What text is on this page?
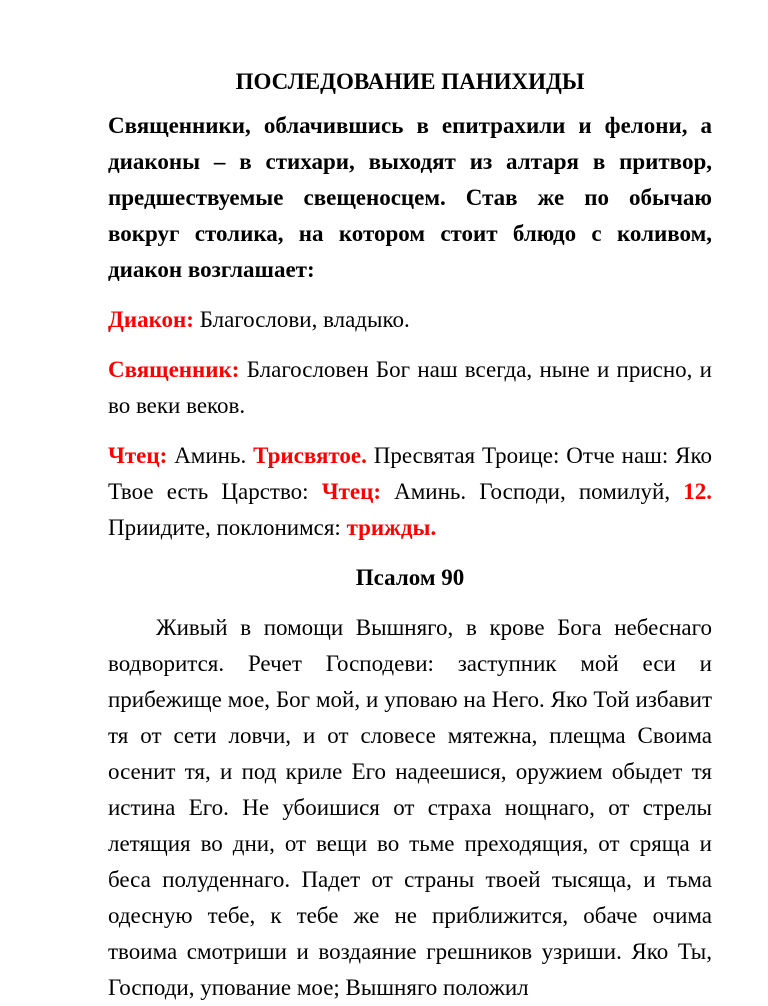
ПОСЛЕДОВАНИЕ ПАНИХИДЫ

Священники, облачившись в епитрахили и фелони, а диаконы – в стихари, выходят из алтаря в притвор, предшествуемые свещеносцем. Став же по обычаю вокруг столика, на котором стоит блюдо с коливом, диакон возглашает:

Диакон: Благослови, владыко.

Священник: Благословен Бог наш всегда, ныне и присно, и во веки веков.

Чтец: Аминь. Трисвятое. Пресвятая Троице: Отче наш: Яко Твое есть Царство: Чтец: Аминь. Господи, помилуй, 12. Приидите, поклонимся: трижды.

Псалом 90

Живый в помощи Вышняго, в крове Бога небеснаго водворится. Речет Господеви: заступник мой еси и прибежище мое, Бог мой, и уповаю на Него. Яко Той избавит тя от сети ловчи, и от словесе мятежна, плещма Своима осенит тя, и под криле Его надеешися, оружием обыдет тя истина Его. Не убоишися от страха нощнаго, от стрелы летящия во дни, от вещи во тьме преходящия, от сряща и беса полуденнаго. Падет от страны твоей тысяща, и тьма одесную тебе, к тебе же не приближится, обаче очима твоима смотриши и воздаяние грешников узриши. Яко Ты, Господи, упование мое; Вышняго положил
